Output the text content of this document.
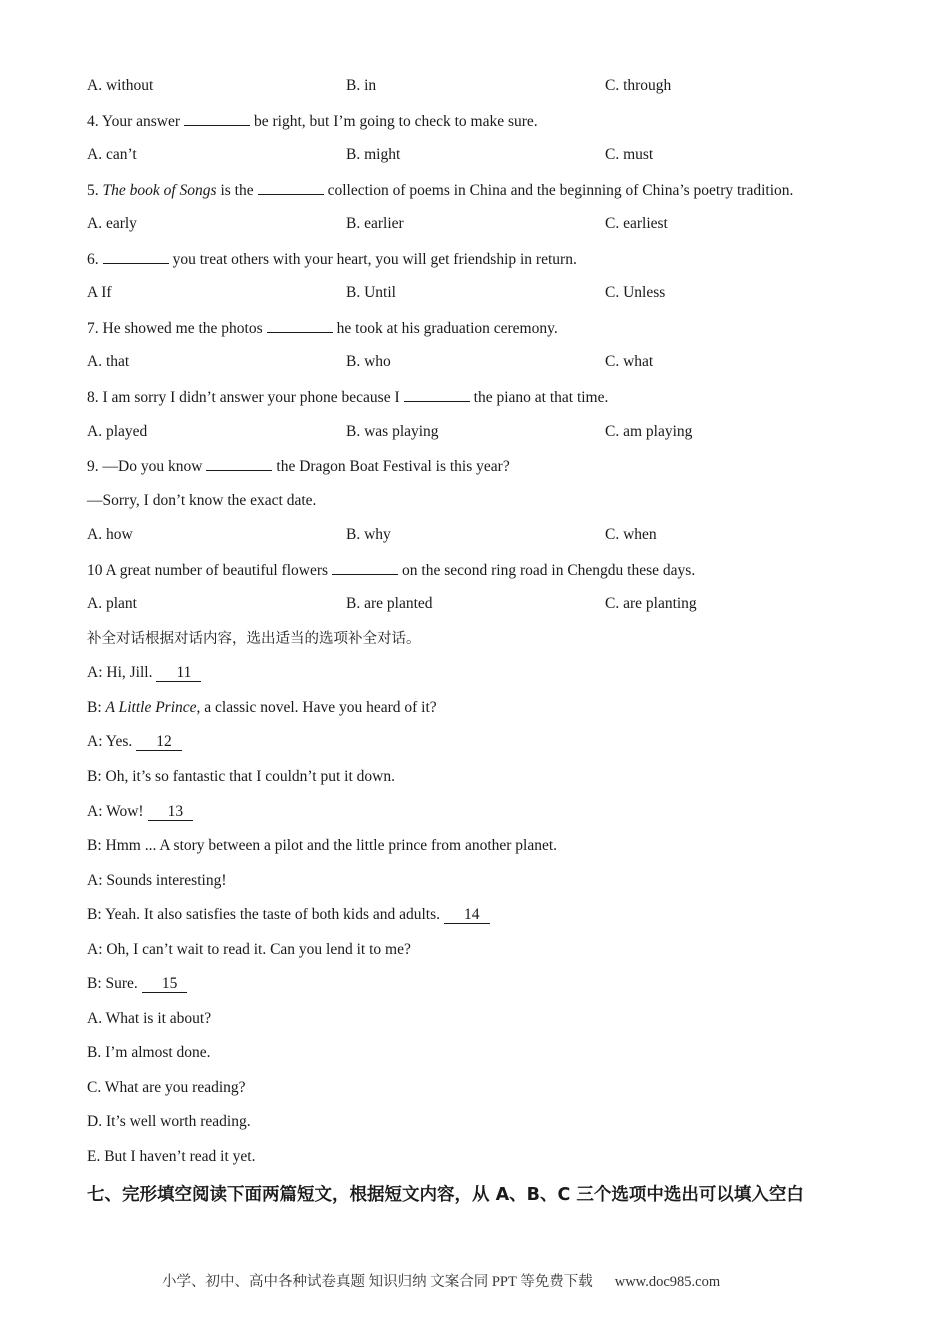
A. without	B. in	C. through
4. Your answer	be right, but I’m going to check to make sure.
A. can’t	B. might	C. must
5. The book of Songs is the	collection of poems in China and the beginning of China’s poetry tradition.
A. early	B. earlier	C. earliest
6.	you treat others with your heart, you will get friendship in return.
A If	B. Until	C. Unless
7. He showed me the photos	he took at his graduation ceremony.
A. that	B. who	C. what
8. I am sorry I didn’t answer your phone because I	the piano at that time.
A. played	B. was playing	C. am playing
9. —Do you know	the Dragon Boat Festival is this year?
—Sorry, I don’t know the exact date.
A. how	B. why	C. when
10 A great number of beautiful flowers	on the second ring road in Chengdu these days.
A. plant	B. are planted	C. are planting
补全对话根据对话内容，选出适当的选项补全对话。
A: Hi, Jill. 11
B: A Little Prince, a classic novel. Have you heard of it?
A: Yes. 12
B: Oh, it’s so fantastic that I couldn’t put it down.
A: Wow! 13
B: Hmm ... A story between a pilot and the little prince from another planet.
A: Sounds interesting!
B: Yeah. It also satisfies the taste of both kids and adults. 14
A: Oh, I can’t wait to read it. Can you lend it to me?
B: Sure. 15
A. What is it about?
B. I’m almost done.
C. What are you reading?
D. It’s well worth reading.
E. But I haven’t read it yet.
七、完形填空阅读下面两篇短文，根据短文内容，从 A、B、C 三个选项中选出可以填入空白
小学、初中、高中各种试卷真题 知识归纳 文案合同 PPT 等免费下载 www.doc985.com
